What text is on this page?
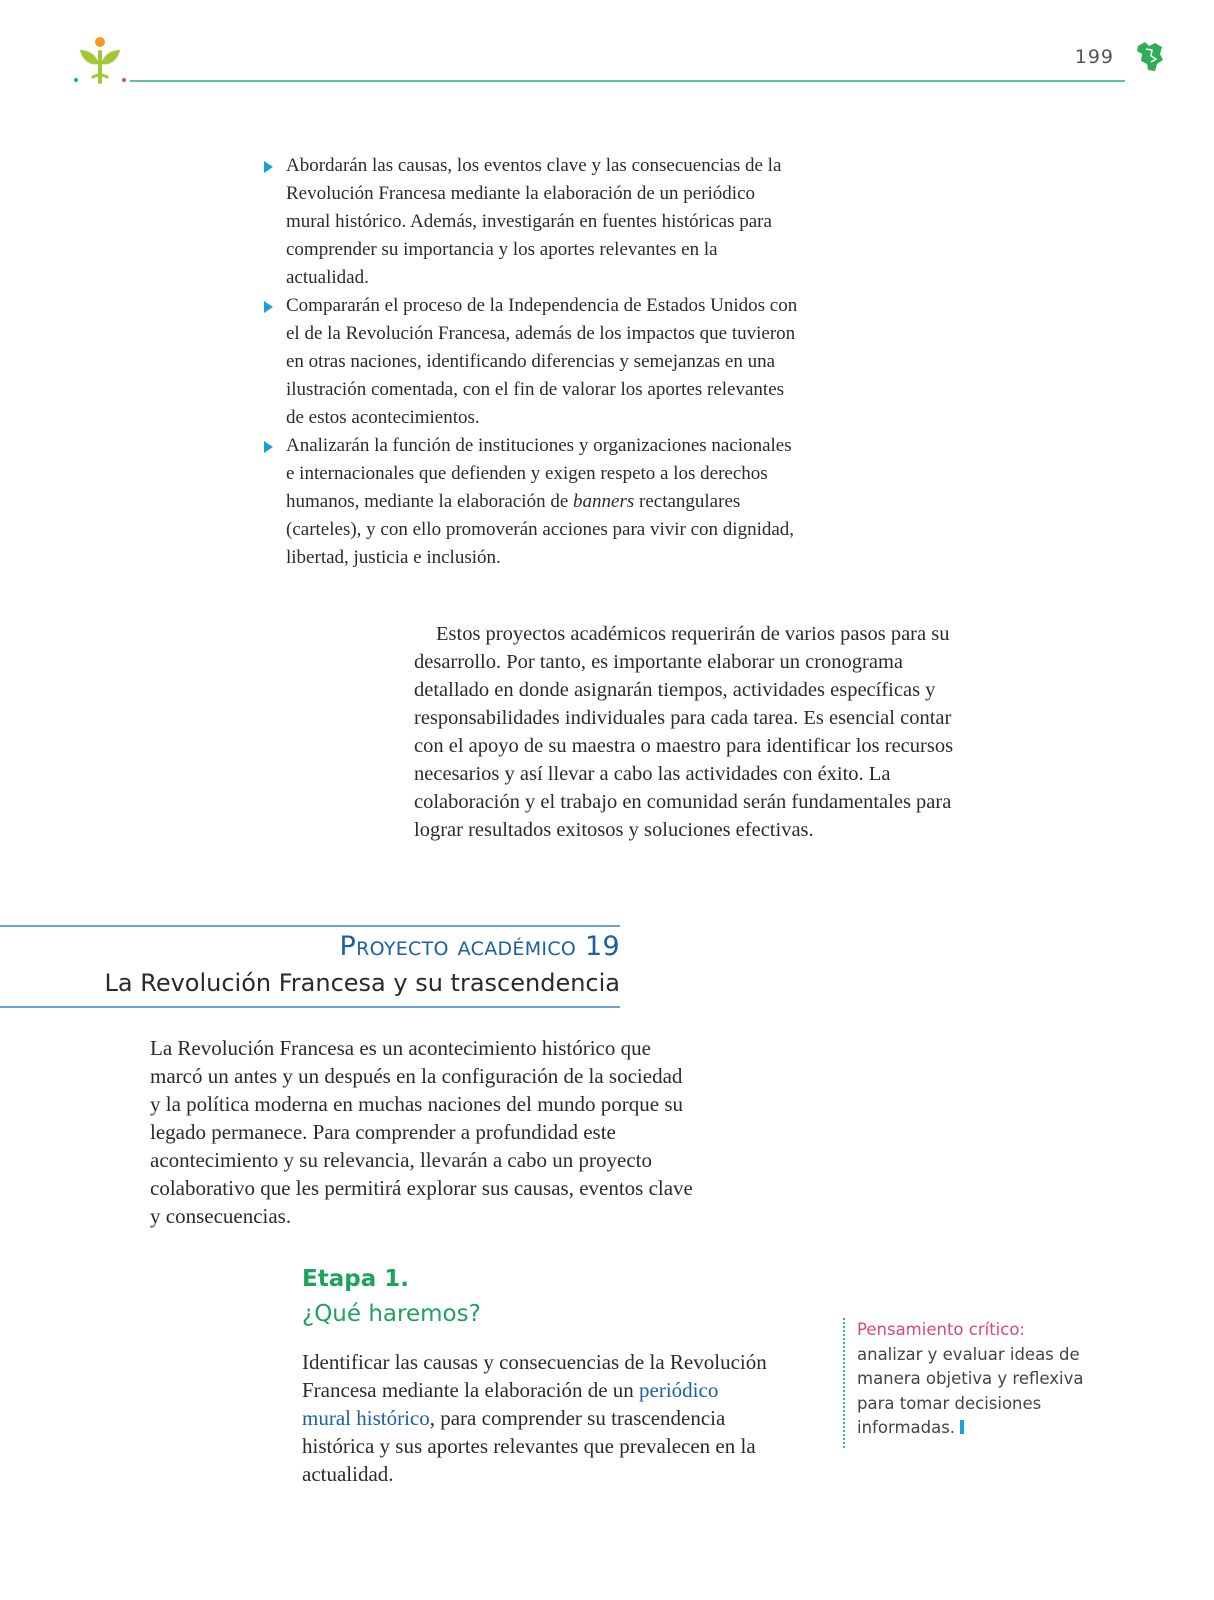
199
Abordarán las causas, los eventos clave y las consecuencias de la Revolución Francesa mediante la elaboración de un periódico mural histórico. Además, investigarán en fuentes históricas para comprender su importancia y los aportes relevantes en la actualidad.
Compararán el proceso de la Independencia de Estados Unidos con el de la Revolución Francesa, además de los impactos que tuvieron en otras naciones, identificando diferencias y semejanzas en una ilustración comentada, con el fin de valorar los aportes relevantes de estos acontecimientos.
Analizarán la función de instituciones y organizaciones nacionales e internacionales que defienden y exigen respeto a los derechos humanos, mediante la elaboración de banners rectangulares (carteles), y con ello promoverán acciones para vivir con dignidad, libertad, justicia e inclusión.

Estos proyectos académicos requerirán de varios pasos para su desarrollo. Por tanto, es importante elaborar un cronograma detallado en donde asignarán tiempos, actividades específicas y responsabilidades individuales para cada tarea. Es esencial contar con el apoyo de su maestra o maestro para identificar los recursos necesarios y así llevar a cabo las actividades con éxito. La colaboración y el trabajo en comunidad serán fundamentales para lograr resultados exitosos y soluciones efectivas.

Proyecto académico 19
La Revolución Francesa y su trascendencia

La Revolución Francesa es un acontecimiento histórico que marcó un antes y un después en la configuración de la sociedad y la política moderna en muchas naciones del mundo porque su legado permanece. Para comprender a profundidad este acontecimiento y su relevancia, llevarán a cabo un proyecto colaborativo que les permitirá explorar sus causas, eventos clave y consecuencias.

Etapa 1.
¿Qué haremos?

Identificar las causas y consecuencias de la Revolución Francesa mediante la elaboración de un periódico mural histórico, para comprender su trascendencia histórica y sus aportes relevantes que prevalecen en la actualidad.

Pensamiento crítico:
analizar y evaluar ideas de manera objetiva y reflexiva para tomar decisiones informadas.
